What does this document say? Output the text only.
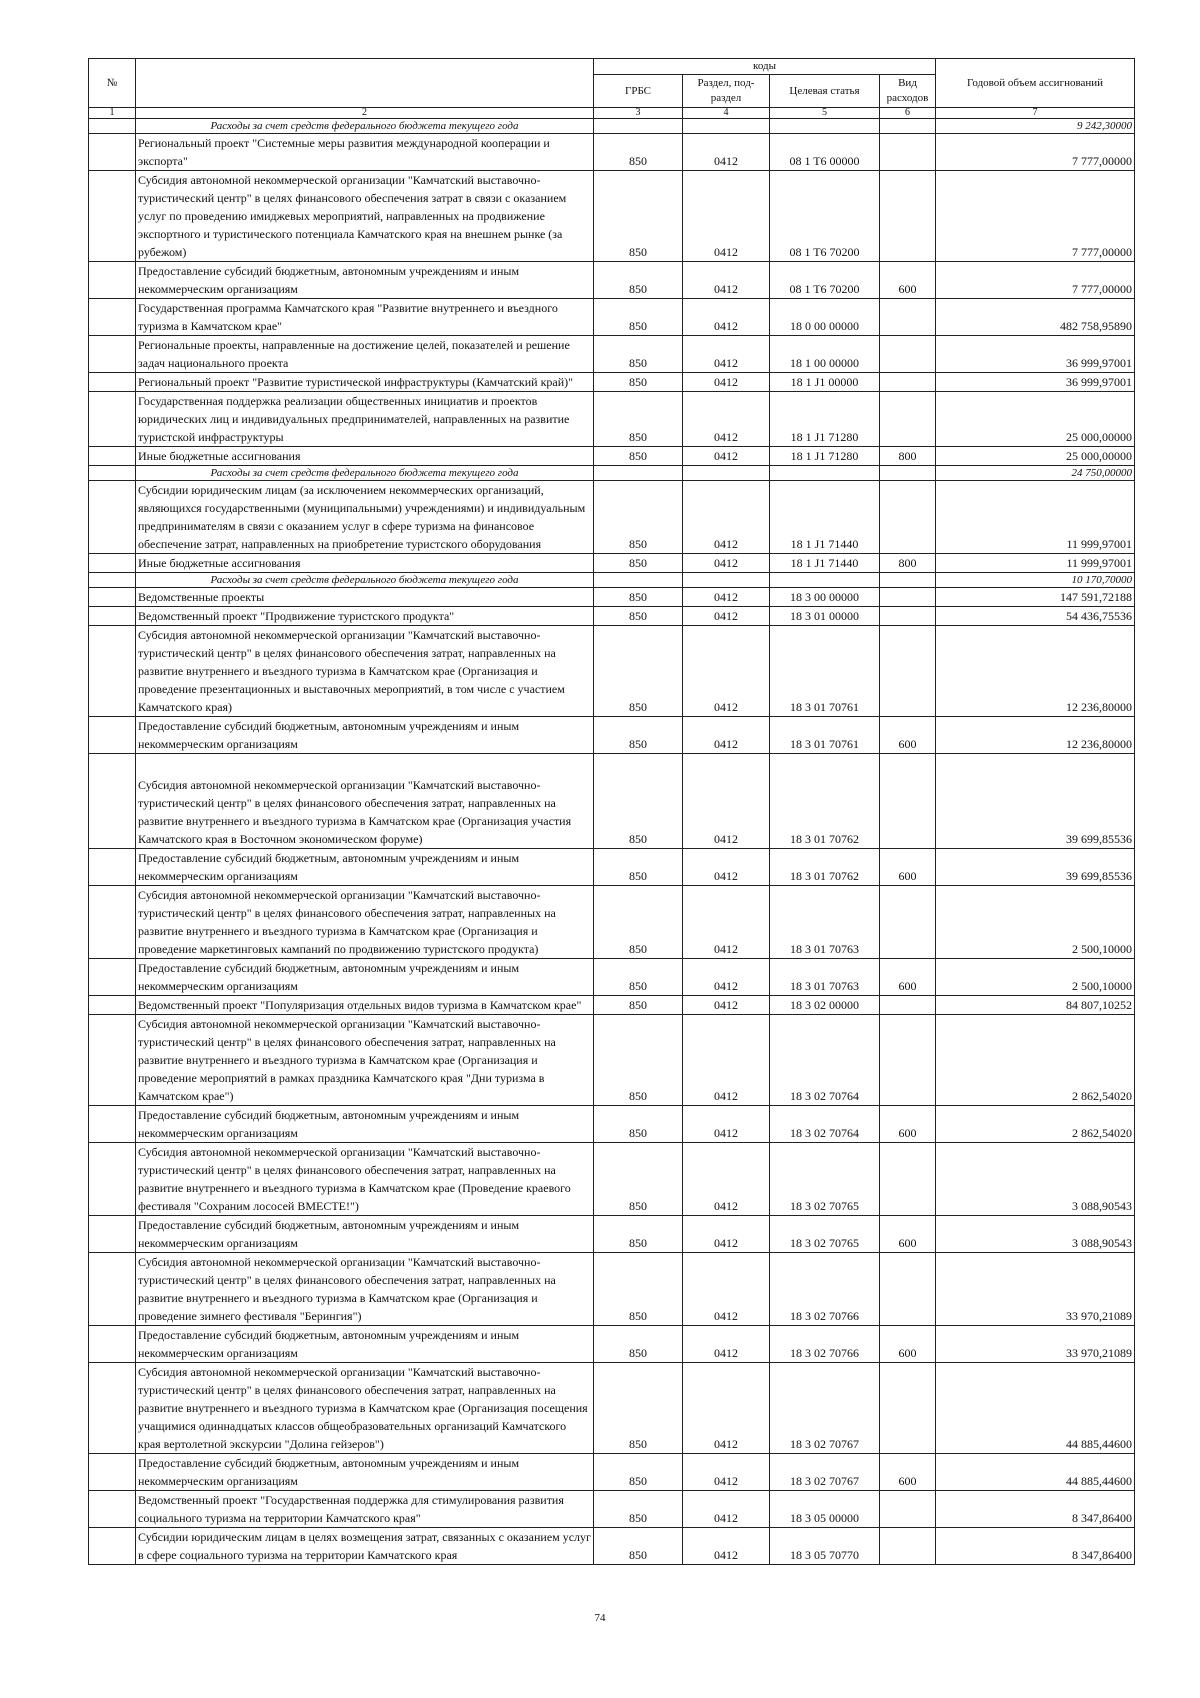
№		коды				Годовой объем ассигнований
		ГРБС	Раздел, под-раздел	Целевая статья	Вид расходов	
1	2	3	4	5	6	7
	Расходы за счет средств федерального бюджета текущего года					9 242,30000
	Региональный проект "Системные меры развития международной кооперации и экспорта"	850	0412	08 1 T6 00000		7 777,00000
	Субсидия автономной некоммерческой организации "Камчатский выставочно-туристический центр" в целях финансового обеспечения затрат в связи с оказанием услуг по проведению имиджевых мероприятий, направленных на продвижение экспортного и туристического потенциала Камчатского края на внешнем рынке (за рубежом)	850	0412	08 1 T6 70200		7 777,00000
	Предоставление субсидий бюджетным, автономным учреждениям и иным некоммерческим организациям	850	0412	08 1 T6 70200	600	7 777,00000
	Государственная программа Камчатского края "Развитие внутреннего и въездного туризма в Камчатском крае"	850	0412	18 0 00 00000		482 758,95890
	Региональные проекты, направленные на достижение целей, показателей и решение задач национального проекта	850	0412	18 1 00 00000		36 999,97001
	Региональный проект "Развитие туристической инфраструктуры (Камчатский край)"	850	0412	18 1 J1 00000		36 999,97001
	Государственная поддержка реализации общественных инициатив и проектов юридических лиц и индивидуальных предпринимателей, направленных на развитие туристской инфраструктуры	850	0412	18 1 J1 71280		25 000,00000
	Иные бюджетные ассигнования	850	0412	18 1 J1 71280	800	25 000,00000
	Расходы за счет средств федерального бюджета текущего года					24 750,00000
	Субсидии юридическим лицам (за исключением некоммерческих организаций, являющихся государственными (муниципальными) учреждениями) и индивидуальным предпринимателям в связи с оказанием услуг в сфере туризма на финансовое обеспечение затрат, направленных на приобретение туристского оборудования	850	0412	18 1 J1 71440		11 999,97001
	Иные бюджетные ассигнования	850	0412	18 1 J1 71440	800	11 999,97001
	Расходы за счет средств федерального бюджета текущего года					10 170,70000
	Ведомственные проекты	850	0412	18 3 00 00000		147 591,72188
	Ведомственный проект "Продвижение туристского продукта"	850	0412	18 3 01 00000		54 436,75536
	Субсидия автономной некоммерческой организации "Камчатский выставочно-туристический центр" в целях финансового обеспечения затрат, направленных на развитие внутреннего и въездного туризма в Камчатском крае (Организация и проведение презентационных и выставочных мероприятий, в том числе с участием Камчатского края)	850	0412	18 3 01 70761		12 236,80000
	Предоставление субсидий бюджетным, автономным учреждениям и иным некоммерческим организациям	850	0412	18 3 01 70761	600	12 236,80000
	Субсидия автономной некоммерческой организации "Камчатский выставочно-туристический центр" в целях финансового обеспечения затрат, направленных на развитие внутреннего и въездного туризма в Камчатском крае (Организация участия Камчатского края в Восточном экономическом форуме)	850	0412	18 3 01 70762		39 699,85536
	Предоставление субсидий бюджетным, автономным учреждениям и иным некоммерческим организациям	850	0412	18 3 01 70762	600	39 699,85536
	Субсидия автономной некоммерческой организации "Камчатский выставочно-туристический центр" в целях финансового обеспечения затрат, направленных на развитие внутреннего и въездного туризма в Камчатском крае (Организация и проведение маркетинговых кампаний по продвижению туристского продукта)	850	0412	18 3 01 70763		2 500,10000
	Предоставление субсидий бюджетным, автономным учреждениям и иным некоммерческим организациям	850	0412	18 3 01 70763	600	2 500,10000
	Ведомственный проект "Популяризация отдельных видов туризма в Камчатском крае"	850	0412	18 3 02 00000		84 807,10252
	Субсидия автономной некоммерческой организации "Камчатский выставочно-туристический центр" в целях финансового обеспечения затрат, направленных на развитие внутреннего и въездного туризма в Камчатском крае (Организация и проведение мероприятий в рамках праздника Камчатского края "Дни туризма в Камчатском крае")	850	0412	18 3 02 70764		2 862,54020
	Предоставление субсидий бюджетным, автономным учреждениям и иным некоммерческим организациям	850	0412	18 3 02 70764	600	2 862,54020
	Субсидия автономной некоммерческой организации "Камчатский выставочно-туристический центр" в целях финансового обеспечения затрат, направленных на развитие внутреннего и въездного туризма в Камчатском крае (Проведение краевого фестиваля "Сохраним лососей ВМЕСТЕ!")	850	0412	18 3 02 70765		3 088,90543
	Предоставление субсидий бюджетным, автономным учреждениям и иным некоммерческим организациям	850	0412	18 3 02 70765	600	3 088,90543
	Субсидия автономной некоммерческой организации "Камчатский выставочно-туристический центр" в целях финансового обеспечения затрат, направленных на развитие внутреннего и въездного туризма в Камчатском крае (Организация и проведение зимнего фестиваля "Берингия")	850	0412	18 3 02 70766		33 970,21089
	Предоставление субсидий бюджетным, автономным учреждениям и иным некоммерческим организациям	850	0412	18 3 02 70766	600	33 970,21089
	Субсидия автономной некоммерческой организации "Камчатский выставочно-туристический центр" в целях финансового обеспечения затрат, направленных на развитие внутреннего и въездного туризма в Камчатском крае (Организация посещения учащимися одиннадцатых классов общеобразовательных организаций Камчатского края вертолетной экскурсии "Долина гейзеров")	850	0412	18 3 02 70767		44 885,44600
	Предоставление субсидий бюджетным, автономным учреждениям и иным некоммерческим организациям	850	0412	18 3 02 70767	600	44 885,44600
	Ведомственный проект "Государственная поддержка для стимулирования развития социального туризма на территории Камчатского края"	850	0412	18 3 05 00000		8 347,86400
	Субсидии юридическим лицам в целях возмещения затрат, связанных с оказанием услуг в сфере социального туризма на территории Камчатского края	850	0412	18 3 05 70770		8 347,86400
74
